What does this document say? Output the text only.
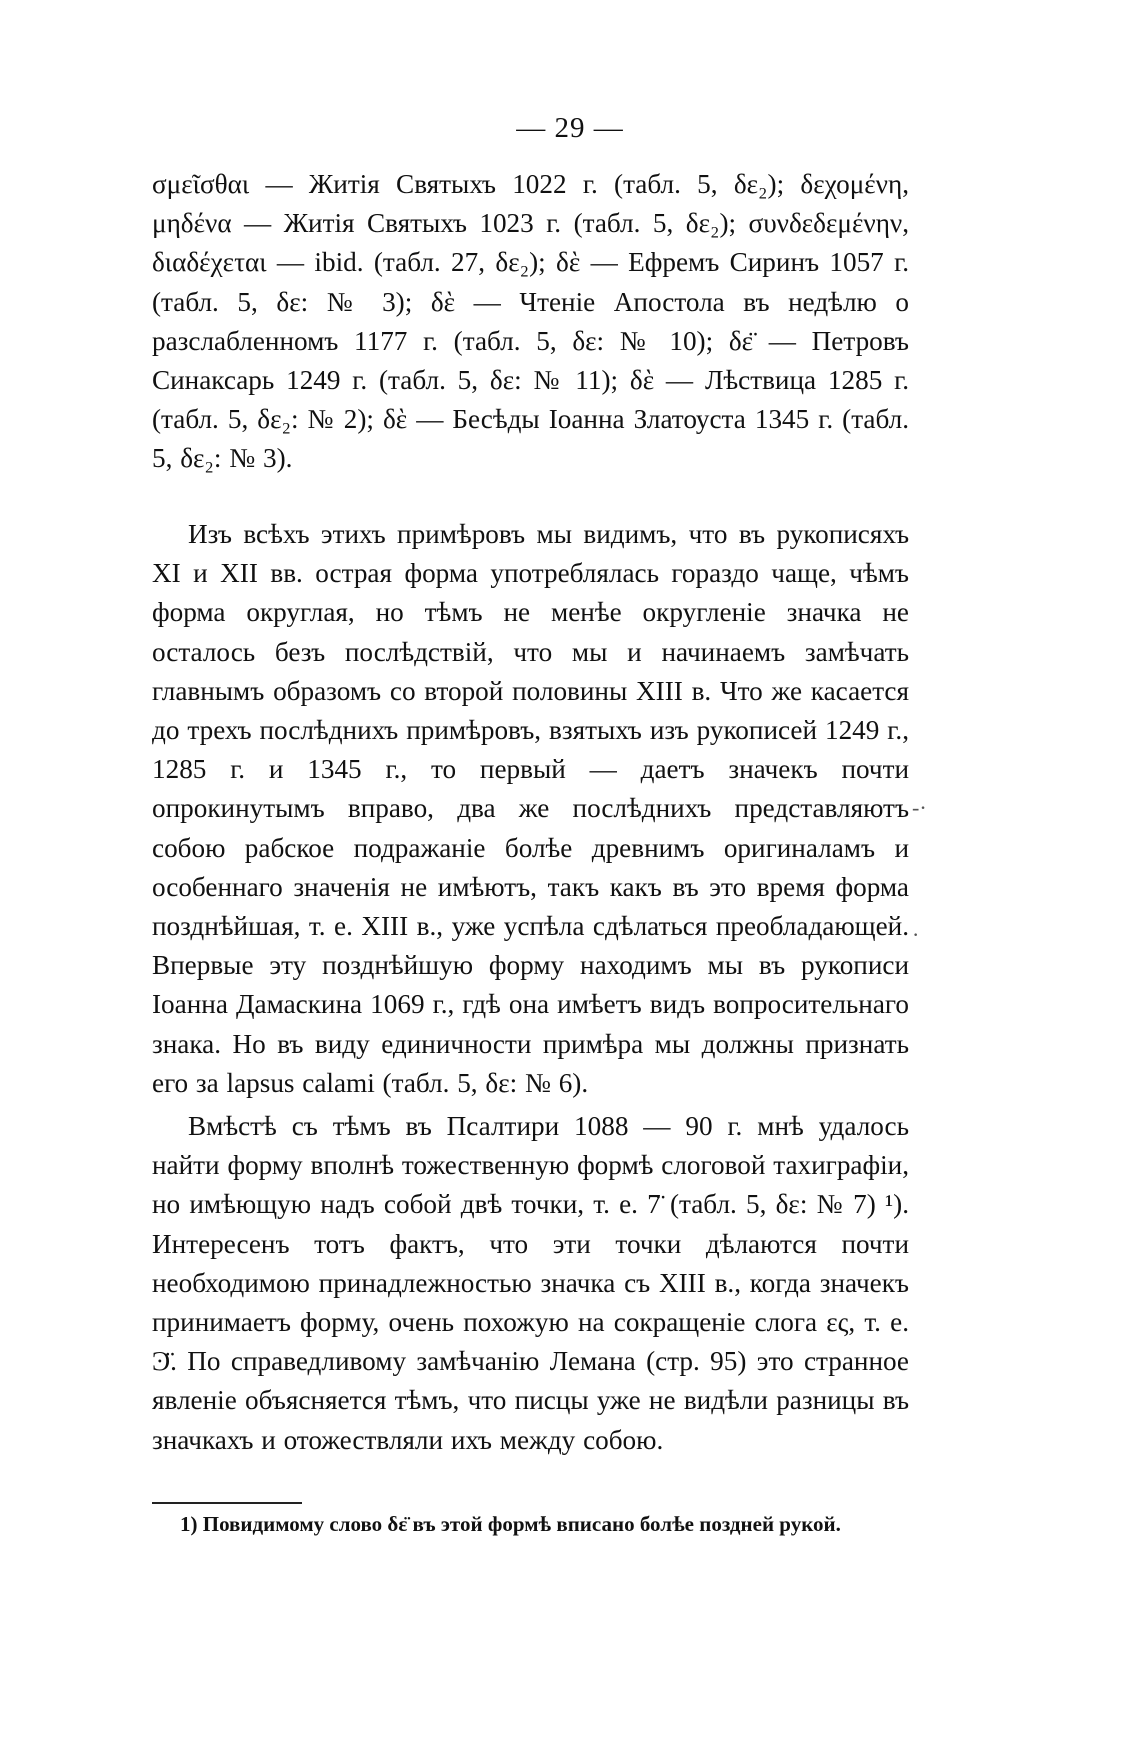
— 29 —

σμεῖσθαι — Житія Святыхъ 1022 г. (табл. 5, δε₂); δεχομένη, μηδένα — Житія Святыхъ 1023 г. (табл. 5, δε₂); συνδεδεμένην, διαδέχεται — ibid. (табл. 27, δε₂); δὲ — Ефремъ Сиринъ 1057 г. (табл. 5, δε: № 3); δὲ — Чтеніе Апостола въ недѣлю о разслабленномъ 1177 г. (табл. 5, δε: № 10); δε̈ — Петровъ Синаксарь 1249 г. (табл. 5, δε: № 11); δὲ — Лѣствица 1285 г. (табл. 5, δε₂: № 2); δὲ — Бесѣды Іоанна Златоуста 1345 г. (табл. 5, δε₂: № 3).

Изъ всѣхъ этихъ примѣровъ мы видимъ, что въ рукописяхъ XI и XII вв. острая форма употреблялась гораздо чаще, чѣмъ форма округлая, но тѣмъ не менѣе округленіе значка не осталось безъ послѣдствій, что мы и начинаемъ замѣчать главнымъ образомъ со второй половины XIII в. Что же касается до трехъ послѣднихъ примѣровъ, взятыхъ изъ рукописей 1249 г., 1285 г. и 1345 г., то первый — даетъ значекъ почти опрокинутымъ вправо, два же послѣднихъ представляютъ собою рабское подражаніе болѣе древнимъ оригиналамъ и особеннаго значенія не имѣютъ, такъ какъ въ это время форма позднѣйшая, т. е. XIII в., уже успѣла сдѣлаться преобладающей. Впервые эту позднѣйшую форму находимъ мы въ рукописи Іоанна Дамаскина 1069 г., гдѣ она имѣетъ видъ вопросительнаго знака. Но въ виду единичности примѣра мы должны признать его за lapsus calami (табл. 5, δε: № 6).

Вмѣстѣ съ тѣмъ въ Псалтири 1088 — 90 г. мнѣ удалось найти форму вполнѣ тожественную формѣ слоговой тахиграфіи, но имѣющую надъ собой двѣ точки, т. е. 7̈ (табл. 5, δε: № 7) ¹). Интересенъ тотъ фактъ, что эти точки дѣлаются почти необходимою принадлежностью значка съ XIII в., когда значекъ принимаетъ форму, очень похожую на сокращеніе слога ες, т. е. Ͽ̈. По справедливому замѣчанію Лемана (стр. 95) это странное явленіе объясняется тѣмъ, что писцы уже не видѣли разницы въ значкахъ и отожествляли ихъ между собою.

-·
·
1) Повидимому слово δε̈ въ этой формѣ вписано болѣе поздней рукой.
